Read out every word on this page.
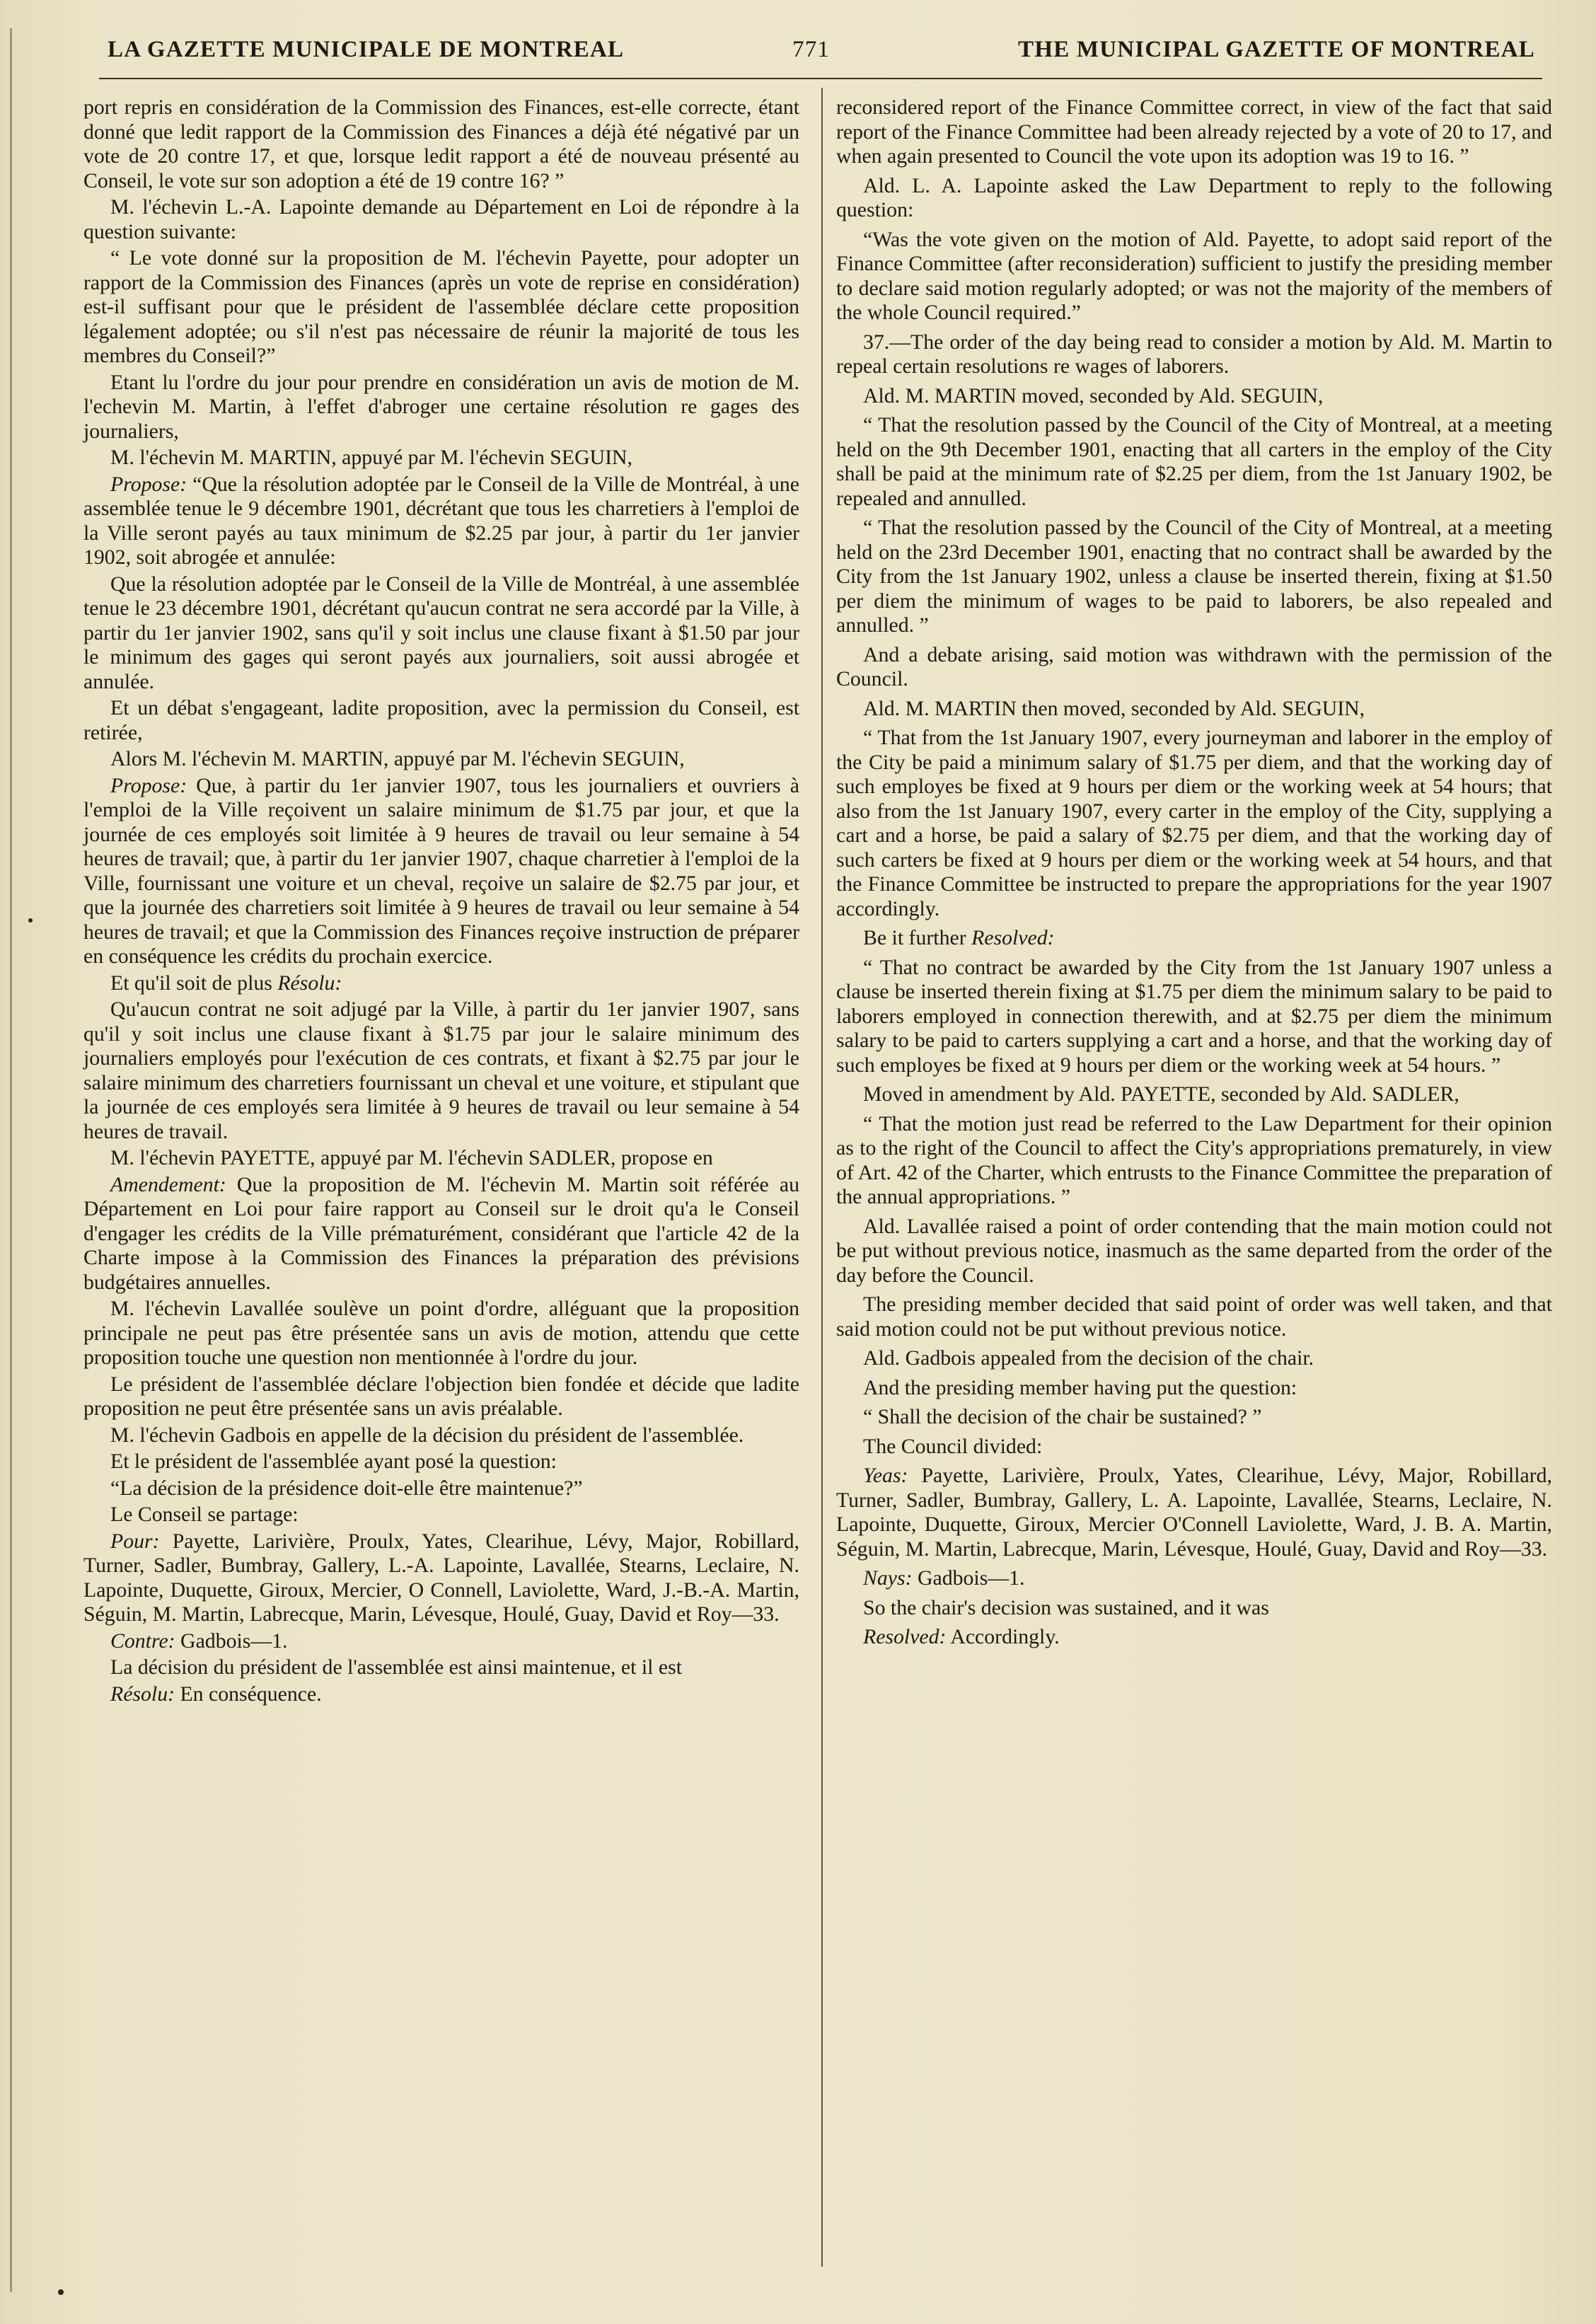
LA GAZETTE MUNICIPALE DE MONTREAL	771	THE MUNICIPAL GAZETTE OF MONTREAL

port repris en considération de la Commission des Finances, est-elle correcte, étant donné que ledit rapport de la Commission des Finances a déjà été négativé par un vote de 20 contre 17, et que, lorsque ledit rapport a été de nouveau présenté au Conseil, le vote sur son adoption a été de 19 contre 16? ”

M. l'échevin L.-A. Lapointe demande au Département en Loi de répondre à la question suivante:

“ Le vote donné sur la proposition de M. l'échevin Payette, pour adopter un rapport de la Commission des Finances (après un vote de reprise en considération) est-il suffisant pour que le président de l'assemblée déclare cette proposition légalement adoptée; ou s'il n'est pas nécessaire de réunir la majorité de tous les membres du Conseil?”

Etant lu l'ordre du jour pour prendre en considération un avis de motion de M. l'echevin M. Martin, à l'effet d'abroger une certaine résolution re gages des journaliers,

M. l'échevin M. MARTIN, appuyé par M. l'échevin SEGUIN,

Propose: “Que la résolution adoptée par le Conseil de la Ville de Montréal, à une assemblée tenue le 9 décembre 1901, décrétant que tous les charretiers à l'emploi de la Ville seront payés au taux minimum de $2.25 par jour, à partir du 1er janvier 1902, soit abrogée et annulée:

Que la résolution adoptée par le Conseil de la Ville de Montréal, à une assemblée tenue le 23 décembre 1901, décrétant qu'aucun contrat ne sera accordé par la Ville, à partir du 1er janvier 1902, sans qu'il y soit inclus une clause fixant à $1.50 par jour le minimum des gages qui seront payés aux journaliers, soit aussi abrogée et annulée.

Et un débat s'engageant, ladite proposition, avec la permission du Conseil, est retirée,

Alors M. l'échevin M. MARTIN, appuyé par M. l'échevin SEGUIN,

Propose: Que, à partir du 1er janvier 1907, tous les journaliers et ouvriers à l'emploi de la Ville reçoivent un salaire minimum de $1.75 par jour, et que la journée de ces employés soit limitée à 9 heures de travail ou leur semaine à 54 heures de travail; que, à partir du 1er janvier 1907, chaque charretier à l'emploi de la Ville, fournissant une voiture et un cheval, reçoive un salaire de $2.75 par jour, et que la journée des charretiers soit limitée à 9 heures de travail ou leur semaine à 54 heures de travail; et que la Commission des Finances reçoive instruction de préparer en conséquence les crédits du prochain exercice.

Et qu'il soit de plus Résolu:

Qu'aucun contrat ne soit adjugé par la Ville, à partir du 1er janvier 1907, sans qu'il y soit inclus une clause fixant à $1.75 par jour le salaire minimum des journaliers employés pour l'exécution de ces contrats, et fixant à $2.75 par jour le salaire minimum des charretiers fournissant un cheval et une voiture, et stipulant que la journée de ces employés sera limitée à 9 heures de travail ou leur semaine à 54 heures de travail.

M. l'échevin PAYETTE, appuyé par M. l'échevin SADLER, propose en

Amendement: Que la proposition de M. l'échevin M. Martin soit référée au Département en Loi pour faire rapport au Conseil sur le droit qu'a le Conseil d'engager les crédits de la Ville prématurément, considérant que l'article 42 de la Charte impose à la Commission des Finances la préparation des prévisions budgétaires annuelles.

M. l'échevin Lavallée soulève un point d'ordre, alléguant que la proposition principale ne peut pas être présentée sans un avis de motion, attendu que cette proposition touche une question non mentionnée à l'ordre du jour.

Le président de l'assemblée déclare l'objection bien fondée et décide que ladite proposition ne peut être présentée sans un avis préalable.

M. l'échevin Gadbois en appelle de la décision du président de l'assemblée.

Et le président de l'assemblée ayant posé la question:

“La décision de la présidence doit-elle être maintenue?”

Le Conseil se partage:

Pour: Payette, Larivière, Proulx, Yates, Clearihue, Lévy, Major, Robillard, Turner, Sadler, Bumbray, Gallery, L.-A. Lapointe, Lavallée, Stearns, Leclaire, N. Lapointe, Duquette, Giroux, Mercier, O Connell, Laviolette, Ward, J.-B.-A. Martin, Séguin, M. Martin, Labrecque, Marin, Lévesque, Houlé, Guay, David et Roy—33.

Contre: Gadbois—1.

La décision du président de l'assemblée est ainsi maintenue, et il est

Résolu: En conséquence.

reconsidered report of the Finance Committee correct, in view of the fact that said report of the Finance Committee had been already rejected by a vote of 20 to 17, and when again presented to Council the vote upon its adoption was 19 to 16. ”

Ald. L. A. Lapointe asked the Law Department to reply to the following question:

“Was the vote given on the motion of Ald. Payette, to adopt said report of the Finance Committee (after reconsideration) sufficient to justify the presiding member to declare said motion regularly adopted; or was not the majority of the members of the whole Council required.”

37.—The order of the day being read to consider a motion by Ald. M. Martin to repeal certain resolutions re wages of laborers.

Ald. M. MARTIN moved, seconded by Ald. SEGUIN,

“ That the resolution passed by the Council of the City of Montreal, at a meeting held on the 9th December 1901, enacting that all carters in the employ of the City shall be paid at the minimum rate of $2.25 per diem, from the 1st January 1902, be repealed and annulled.

“ That the resolution passed by the Council of the City of Montreal, at a meeting held on the 23rd December 1901, enacting that no contract shall be awarded by the City from the 1st January 1902, unless a clause be inserted therein, fixing at $1.50 per diem the minimum of wages to be paid to laborers, be also repealed and annulled. ”

And a debate arising, said motion was withdrawn with the permission of the Council.

Ald. M. MARTIN then moved, seconded by Ald. SEGUIN,

“ That from the 1st January 1907, every journeyman and laborer in the employ of the City be paid a minimum salary of $1.75 per diem, and that the working day of such employes be fixed at 9 hours per diem or the working week at 54 hours; that also from the 1st January 1907, every carter in the employ of the City, supplying a cart and a horse, be paid a salary of $2.75 per diem, and that the working day of such carters be fixed at 9 hours per diem or the working week at 54 hours, and that the Finance Committee be instructed to prepare the appropriations for the year 1907 accordingly.

Be it further Resolved:

“ That no contract be awarded by the City from the 1st January 1907 unless a clause be inserted therein fixing at $1.75 per diem the minimum salary to be paid to laborers employed in connection therewith, and at $2.75 per diem the minimum salary to be paid to carters supplying a cart and a horse, and that the working day of such employes be fixed at 9 hours per diem or the working week at 54 hours. ”

Moved in amendment by Ald. PAYETTE, seconded by Ald. SADLER,

“ That the motion just read be referred to the Law Department for their opinion as to the right of the Council to affect the City's appropriations prematurely, in view of Art. 42 of the Charter, which entrusts to the Finance Committee the preparation of the annual appropriations. ”

Ald. Lavallée raised a point of order contending that the main motion could not be put without previous notice, inasmuch as the same departed from the order of the day before the Council.

The presiding member decided that said point of order was well taken, and that said motion could not be put without previous notice.

Ald. Gadbois appealed from the decision of the chair.

And the presiding member having put the question:

“ Shall the decision of the chair be sustained? ”

The Council divided:

Yeas: Payette, Larivière, Proulx, Yates, Clearihue, Lévy, Major, Robillard, Turner, Sadler, Bumbray, Gallery, L. A. Lapointe, Lavallée, Stearns, Leclaire, N. Lapointe, Duquette, Giroux, Mercier O'Connell Laviolette, Ward, J. B. A. Martin, Séguin, M. Martin, Labrecque, Marin, Lévesque, Houlé, Guay, David and Roy—33.

Nays: Gadbois—1.

So the chair's decision was sustained, and it was

Resolved: Accordingly.
